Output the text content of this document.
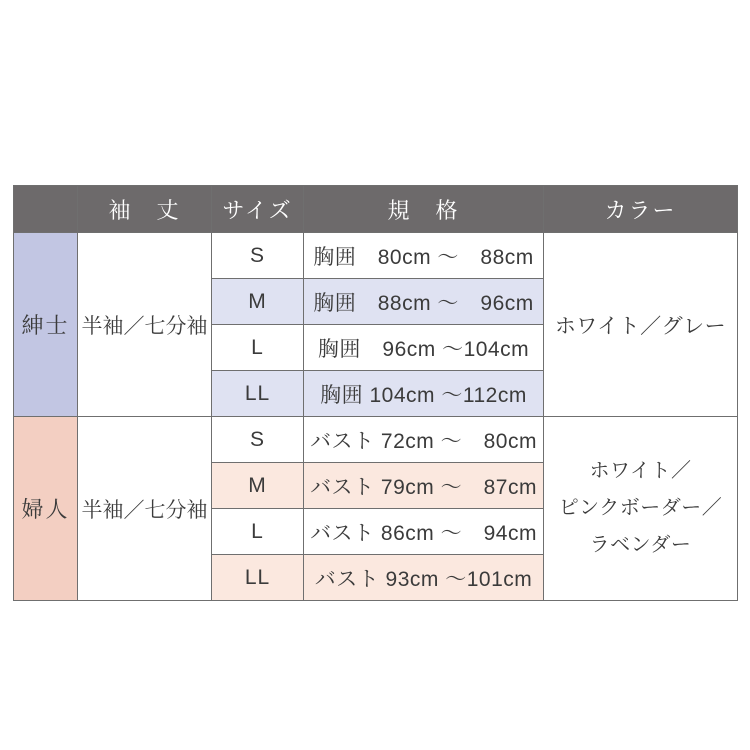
	袖　丈	サイズ	規　格	カラー
紳士	半袖／七分袖	S	胸囲　80cm 〜　88cm	ホワイト／グレー
		M	胸囲　88cm 〜　96cm	
		L	胸囲　96cm 〜104cm	
		LL	胸囲 104cm 〜112cm	
婦人	半袖／七分袖	S	バスト 72cm 〜　80cm	ホワイト／
ピンクボーダー／
ラベンダー

		M	バスト 79cm 〜　87cm	
		L	バスト 86cm 〜　94cm	
		LL	バスト 93cm 〜101cm	
